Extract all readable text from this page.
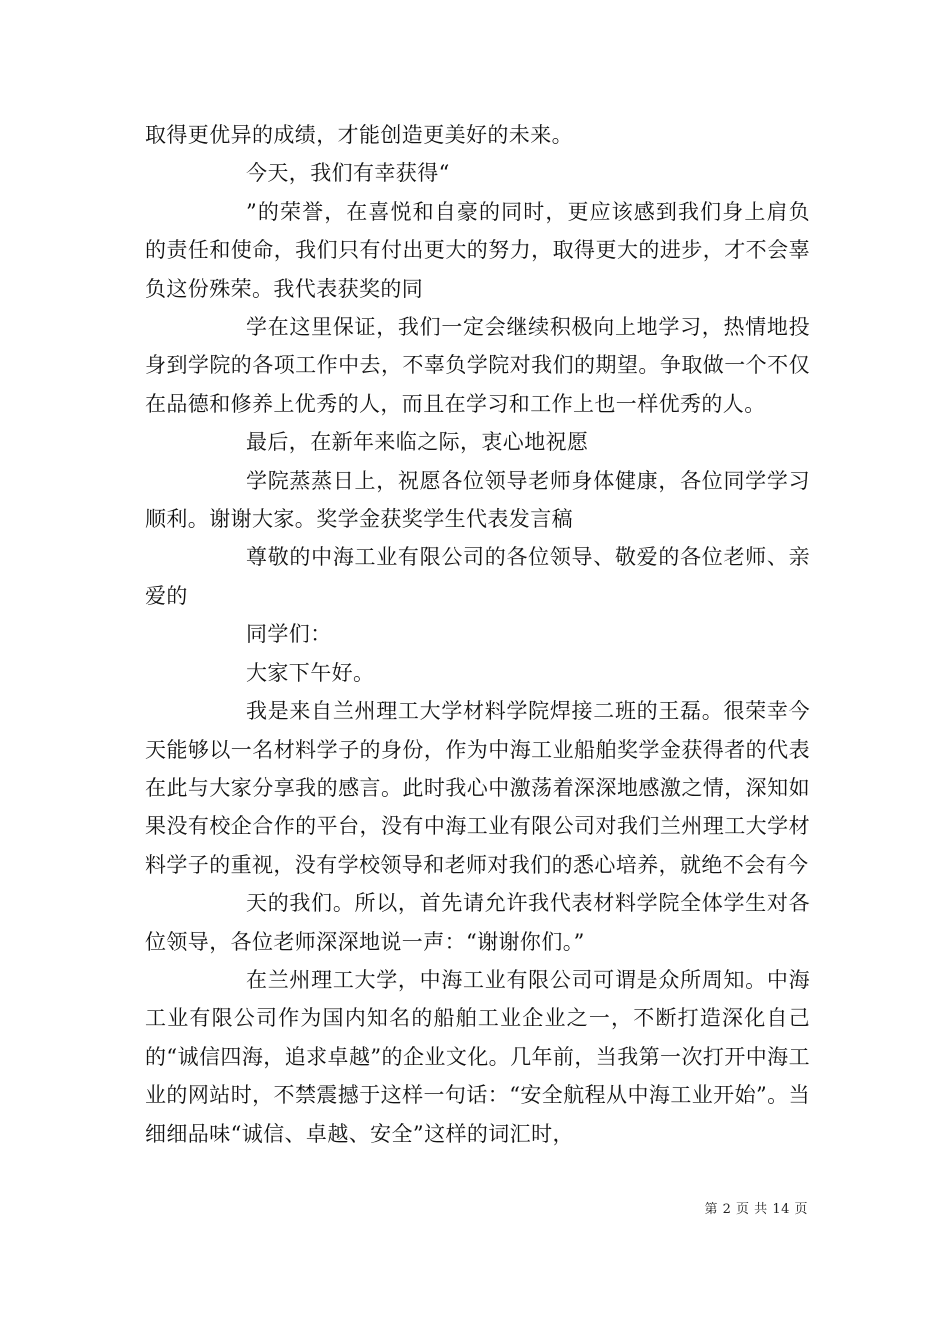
取得更优异的成绩，才能创造更美好的未来。

今天，我们有幸获得“

”的荣誉，在喜悦和自豪的同时，更应该感到我们身上肩负的责任和使命，我们只有付出更大的努力，取得更大的进步，才不会辜负这份殊荣。我代表获奖的同

学在这里保证，我们一定会继续积极向上地学习，热情地投身到学院的各项工作中去，不辜负学院对我们的期望。争取做一个不仅在品德和修养上优秀的人，而且在学习和工作上也一样优秀的人。

最后，在新年来临之际，衷心地祝愿

学院蒸蒸日上，祝愿各位领导老师身体健康，各位同学学习顺利。谢谢大家。奖学金获奖学生代表发言稿

尊敬的中海工业有限公司的各位领导、敬爱的各位老师、亲爱的

同学们：

大家下午好。

我是来自兰州理工大学材料学院焊接二班的王磊。很荣幸今天能够以一名材料学子的身份，作为中海工业船舶奖学金获得者的代表在此与大家分享我的感言。此时我心中激荡着深深地感激之情，深知如果没有校企合作的平台，没有中海工业有限公司对我们兰州理工大学材料学子的重视，没有学校领导和老师对我们的悉心培养，就绝不会有今

天的我们。所以，首先请允许我代表材料学院全体学生对各位领导，各位老师深深地说一声：“谢谢你们。”

在兰州理工大学，中海工业有限公司可谓是众所周知。中海工业有限公司作为国内知名的船舶工业企业之一，不断打造深化自己的“诚信四海，追求卓越”的企业文化。几年前，当我第一次打开中海工业的网站时，不禁震撼于这样一句话：“安全航程从中海工业开始”。当细细品味“诚信、卓越、安全”这样的词汇时，

第 2 页 共 14 页
